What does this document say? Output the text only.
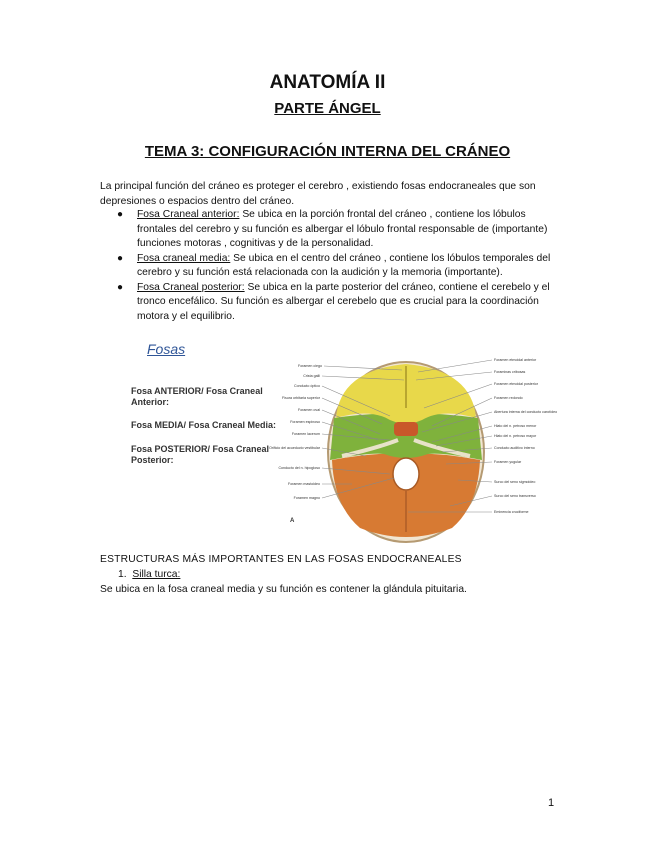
ANATOMÍA II
PARTE ÁNGEL
TEMA 3: CONFIGURACIÓN INTERNA DEL CRÁNEO
La principal función del cráneo es proteger el cerebro , existiendo fosas endocraneales que son depresiones o espacios dentro del cráneo.
● Fosa Craneal anterior: Se ubica en la porción frontal del cráneo , contiene los lóbulos frontales del cerebro y su función es albergar el lóbulo frontal responsable de (importante) funciones motoras , cognitivas y de la personalidad.
● Fosa craneal media: Se ubica en el centro del cráneo , contiene los lóbulos temporales del cerebro y su función está relacionada con la audición y la memoria (importante).
● Fosa Craneal posterior: Se ubica en la parte posterior del cráneo, contiene el cerebelo y el tronco encefálico. Su función es albergar el cerebelo que es crucial para la coordinación motora y el equilibrio.
Fosas
Fosa ANTERIOR/ Fosa Craneal Anterior:
Fosa MEDIA/ Fosa Craneal Media:
Fosa POSTERIOR/ Fosa Craneal Posterior:
Foramen ciego
Crista galli
Conducto óptico
Fisura orbitaria superior
Foramen oval
Foramen espinoso
Foramen lacerum
Orificio del acueducto vestibular
Conducto del n. hipogloso
Foramen mastoideo
Foramen magno
Foramen etmoidal anterior
Foraminas cribosas
Foramen etmoidal posterior
Foramen redondo
Abertura interna del conducto carotídeo
Hiato del n. petroso menor
Hiato del n. petroso mayor
Conducto auditivo interno
Foramen yugular
Surco del seno sigmoideo
Surco del seno transverso
Eminencia cruciforme
A
ESTRUCTURAS MÁS IMPORTANTES EN LAS FOSAS ENDOCRANEALES
1. Silla turca:
Se ubica en la fosa craneal media y su función es contener la glándula pituitaria.
1
